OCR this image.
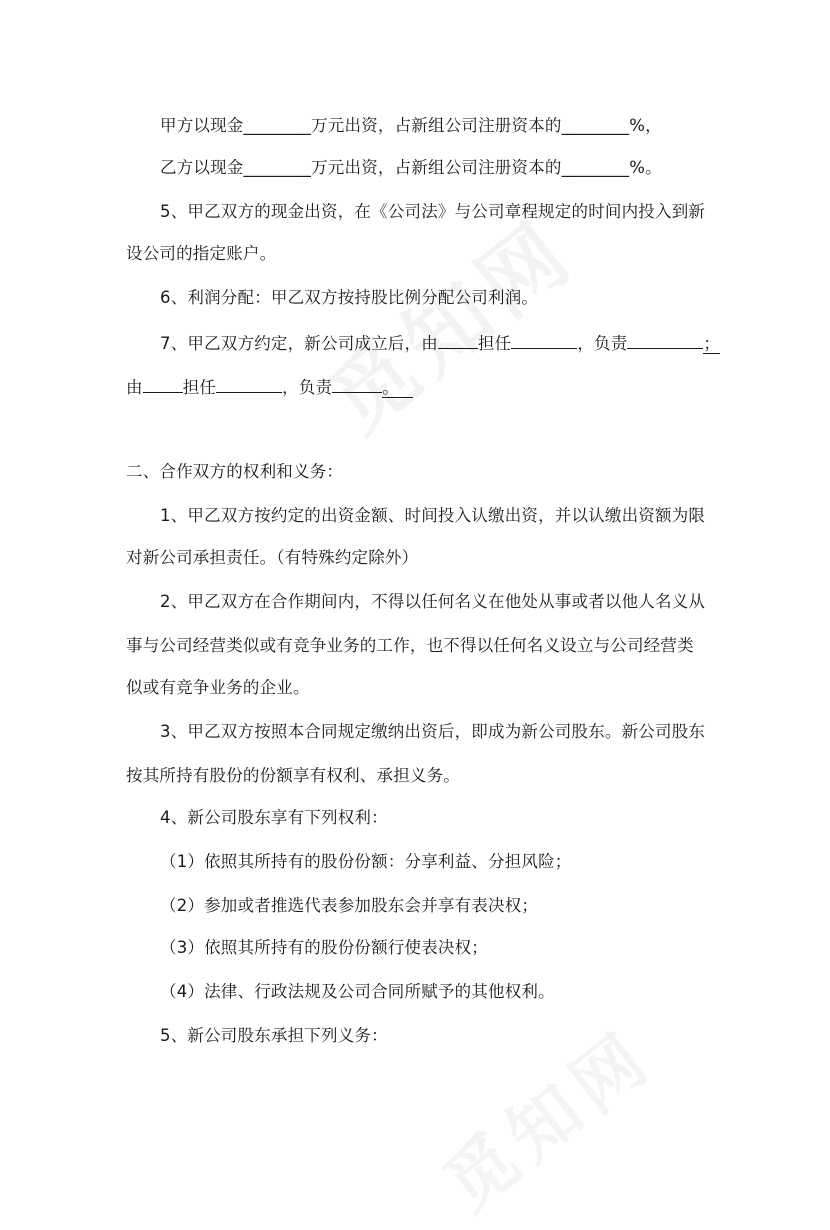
甲方以现金________万元出资，占新组公司注册资本的________%，
乙方以现金________万元出资，占新组公司注册资本的________%。
5、甲乙双方的现金出资，在《公司法》与公司章程规定的时间内投入到新
设公司的指定账户。
6、利润分配：甲乙双方按持股比例分配公司利润。
7、甲乙双方约定，新公司成立后，由 担任	，负责	；
由 担任	，负责	。
二、合作双方的权利和义务：
1、甲乙双方按约定的出资金额、时间投入认缴出资，并以认缴出资额为限
对新公司承担责任。（有特殊约定除外）
2、甲乙双方在合作期间内，不得以任何名义在他处从事或者以他人名义从
事与公司经营类似或有竞争业务的工作，也不得以任何名义设立与公司经营类
似或有竞争业务的企业。
3、甲乙双方按照本合同规定缴纳出资后，即成为新公司股东。新公司股东
按其所持有股份的份额享有权利、承担义务。
4、新公司股东享有下列权利：
（1）依照其所持有的股份份额：分享利益、分担风险；
（2）参加或者推选代表参加股东会并享有表决权；
（3）依照其所持有的股份份额行使表决权；
（4）法律、行政法规及公司合同所赋予的其他权利。
5、新公司股东承担下列义务：
